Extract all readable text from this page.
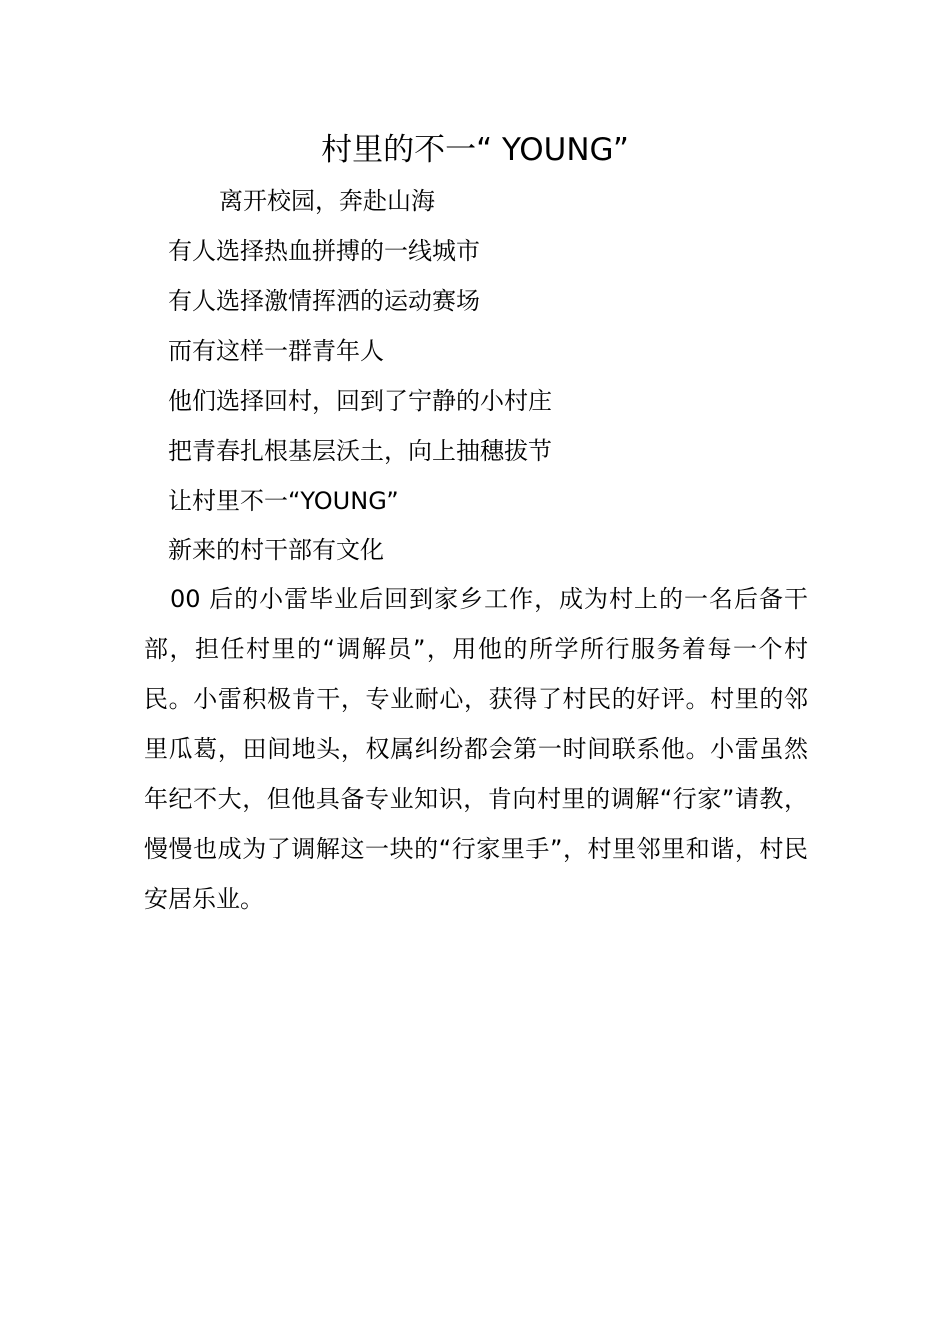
村里的不一“ YOUNG”
离开校园，奔赴山海
有人选择热血拼搏的一线城市
有人选择激情挥洒的运动赛场
而有这样一群青年人
他们选择回村，回到了宁静的小村庄
把青春扎根基层沃土，向上抽穗拔节
让村里不一“YOUNG”
新来的村干部有文化
00 后的小雷毕业后回到家乡工作，成为村上的一名后备干部，担任村里的“调解员”，用他的所学所行服务着每一个村民。小雷积极肯干，专业耐心，获得了村民的好评。村里的邻里瓜葛，田间地头，权属纠纷都会第一时间联系他。小雷虽然年纪不大，但他具备专业知识，肯向村里的调解“行家”请教，慢慢也成为了调解这一块的“行家里手”，村里邻里和谐，村民安居乐业。
